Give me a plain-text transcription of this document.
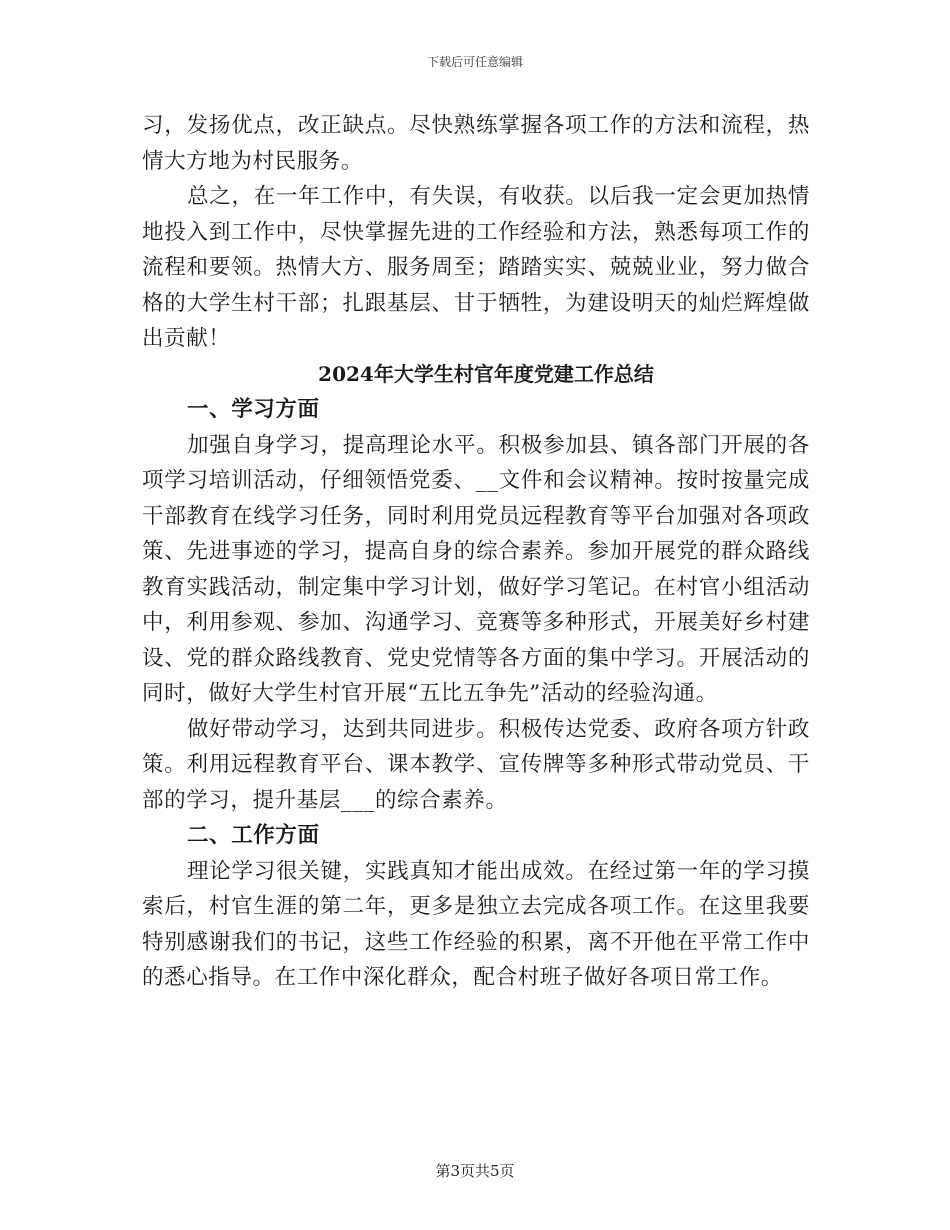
下载后可任意编辑

习，发扬优点，改正缺点。尽快熟练掌握各项工作的方法和流程，热情大方地为村民服务。

总之，在一年工作中，有失误，有收获。以后我一定会更加热情地投入到工作中，尽快掌握先进的工作经验和方法，熟悉每项工作的流程和要领。热情大方、服务周至；踏踏实实、兢兢业业，努力做合格的大学生村干部；扎跟基层、甘于牺牲，为建设明天的灿烂辉煌做出贡献！

2024年大学生村官年度党建工作总结

一、学习方面

加强自身学习，提高理论水平。积极参加县、镇各部门开展的各项学习培训活动，仔细领悟党委、__文件和会议精神。按时按量完成干部教育在线学习任务，同时利用党员远程教育等平台加强对各项政策、先进事迹的学习，提高自身的综合素养。参加开展党的群众路线教育实践活动，制定集中学习计划，做好学习笔记。在村官小组活动中，利用参观、参加、沟通学习、竞赛等多种形式，开展美好乡村建设、党的群众路线教育、党史党情等各方面的集中学习。开展活动的同时，做好大学生村官开展“五比五争先”活动的经验沟通。

做好带动学习，达到共同进步。积极传达党委、政府各项方针政策。利用远程教育平台、课本教学、宣传牌等多种形式带动党员、干部的学习，提升基层___的综合素养。

二、工作方面

理论学习很关键，实践真知才能出成效。在经过第一年的学习摸索后，村官生涯的第二年，更多是独立去完成各项工作。在这里我要特别感谢我们的书记，这些工作经验的积累，离不开他在平常工作中的悉心指导。在工作中深化群众，配合村班子做好各项日常工作。

第3页共5页
